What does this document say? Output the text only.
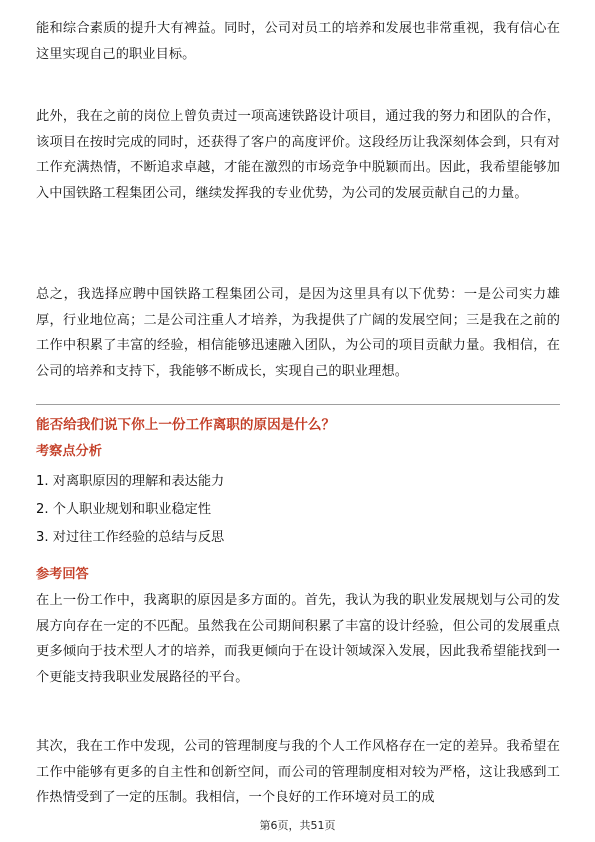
能和综合素质的提升大有裨益。同时，公司对员工的培养和发展也非常重视，我有信心在这里实现自己的职业目标。

此外，我在之前的岗位上曾负责过一项高速铁路设计项目，通过我的努力和团队的合作，该项目在按时完成的同时，还获得了客户的高度评价。这段经历让我深刻体会到，只有对工作充满热情，不断追求卓越，才能在激烈的市场竞争中脱颖而出。因此，我希望能够加入中国铁路工程集团公司，继续发挥我的专业优势，为公司的发展贡献自己的力量。

总之，我选择应聘中国铁路工程集团公司，是因为这里具有以下优势：一是公司实力雄厚，行业地位高；二是公司注重人才培养，为我提供了广阔的发展空间；三是我在之前的工作中积累了丰富的经验，相信能够迅速融入团队，为公司的项目贡献力量。我相信，在公司的培养和支持下，我能够不断成长，实现自己的职业理想。

能否给我们说下你上一份工作离职的原因是什么？

考察点分析

1. 对离职原因的理解和表达能力
2. 个人职业规划和职业稳定性
3. 对过往工作经验的总结与反思

参考回答

在上一份工作中，我离职的原因是多方面的。首先，我认为我的职业发展规划与公司的发展方向存在一定的不匹配。虽然我在公司期间积累了丰富的设计经验，但公司的发展重点更多倾向于技术型人才的培养，而我更倾向于在设计领域深入发展，因此我希望能找到一个更能支持我职业发展路径的平台。

其次，我在工作中发现，公司的管理制度与我的个人工作风格存在一定的差异。我希望在工作中能够有更多的自主性和创新空间，而公司的管理制度相对较为严格，这让我感到工作热情受到了一定的压制。我相信，一个良好的工作环境对员工的成

第6页，共51页
